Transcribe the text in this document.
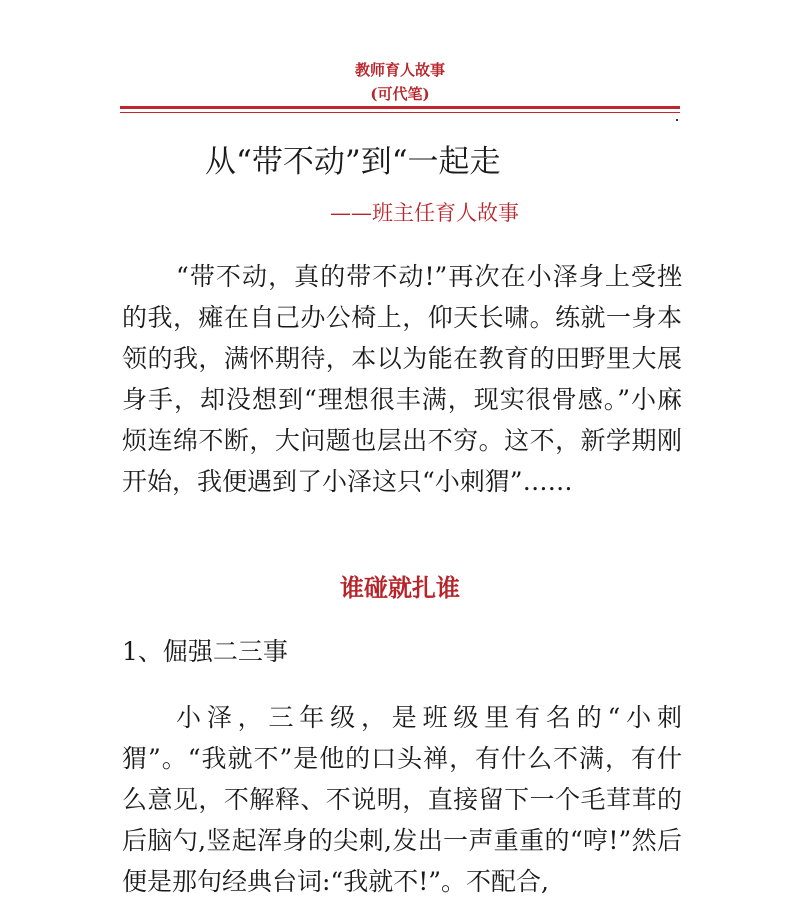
教师育人故事
(可代笔)
从“带不动”到“一起走
——班主任育人故事

“带不动，真的带不动!”再次在小泽身上受挫的我，瘫在自己办公椅上，仰天长啸。练就一身本领的我，满怀期待，本以为能在教育的田野里大展身手，却没想到“理想很丰满，现实很骨感。”小麻烦连绵不断，大问题也层出不穷。这不，新学期刚开始，我便遇到了小泽这只“小刺猬”……

谁碰就扎谁
1、倔强二三事

小泽，三年级，是班级里有名的“小刺猬”。“我就不”是他的口头禅，有什么不满，有什么意见，不解释、不说明，直接留下一个毛茸茸的后脑勺,竖起浑身的尖刺,发出一声重重的“哼!”然后便是那句经典台词:“我就不!”。不配合,
